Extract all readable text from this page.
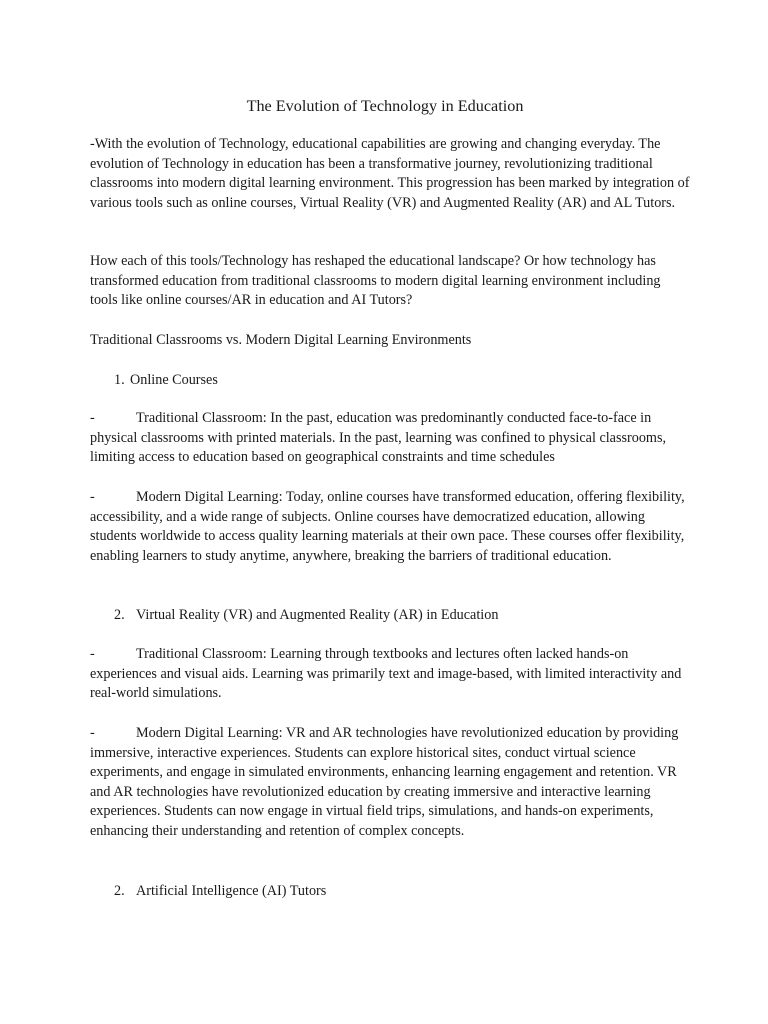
The Evolution of Technology in Education

-With the evolution of Technology, educational capabilities are growing and changing everyday. The evolution of Technology in education has been a transformative journey, revolutionizing traditional classrooms into modern digital learning environment. This progression has been marked by integration of various tools such as online courses, Virtual Reality (VR) and Augmented Reality (AR) and AL Tutors.

How each of this tools/Technology has reshaped the educational landscape? Or how technology has transformed education from traditional classrooms to modern digital learning environment including tools like online courses/AR in education and AI Tutors?

Traditional Classrooms vs. Modern Digital Learning Environments

1. Online Courses

-	Traditional Classroom: In the past, education was predominantly conducted face-to-face in physical classrooms with printed materials. In the past, learning was confined to physical classrooms, limiting access to education based on geographical constraints and time schedules

-	Modern Digital Learning: Today, online courses have transformed education, offering flexibility, accessibility, and a wide range of subjects. Online courses have democratized education, allowing students worldwide to access quality learning materials at their own pace. These courses offer flexibility, enabling learners to study anytime, anywhere, breaking the barriers of traditional education.

2. Virtual Reality (VR) and Augmented Reality (AR) in Education

-	Traditional Classroom: Learning through textbooks and lectures often lacked hands-on experiences and visual aids. Learning was primarily text and image-based, with limited interactivity and real-world simulations.

-	Modern Digital Learning: VR and AR technologies have revolutionized education by providing immersive, interactive experiences. Students can explore historical sites, conduct virtual science experiments, and engage in simulated environments, enhancing learning engagement and retention. VR and AR technologies have revolutionized education by creating immersive and interactive learning experiences. Students can now engage in virtual field trips, simulations, and hands-on experiments, enhancing their understanding and retention of complex concepts.

2. Artificial Intelligence (AI) Tutors
